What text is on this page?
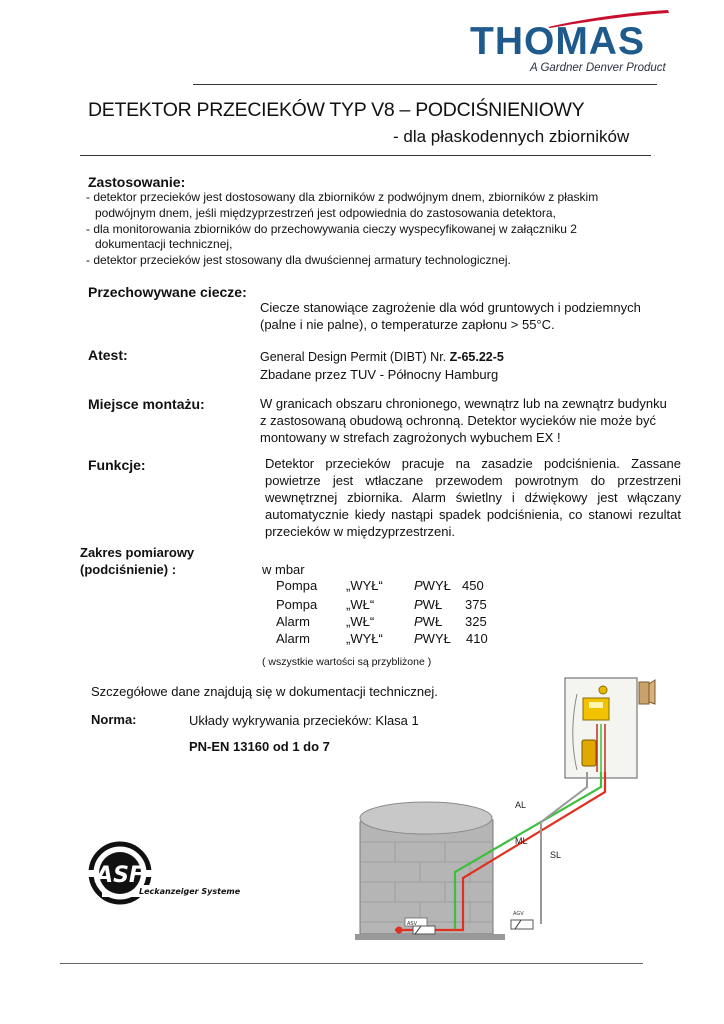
THOMAS
A Gardner Denver Product
DETEKTOR PRZECIEKÓW TYP V8 – PODCIŚNIENIOWY
- dla płaskodennych zbiorników
Zastosowanie:
- detektor przecieków jest dostosowany dla zbiorników z podwójnym dnem, zbiorników z płaskim
podwójnym dnem, jeśli międzyprzestrzeń jest odpowiednia do zastosowania detektora,
- dla monitorowania zbiorników do przechowywania cieczy wyspecyfikowanej w załączniku 2
dokumentacji technicznej,
- detektor przecieków jest stosowany dla dwuściennej armatury technologicznej.
Przechowywane ciecze:
Ciecze stanowiące zagrożenie dla wód gruntowych i podziemnych
(palne i nie palne), o temperaturze zapłonu > 55°C.
Atest:	General Design Permit (DIBT) Nr. Z-65.22-5
Zbadane przez TUV - Północny Hamburg
Miejsce montażu:	W granicach obszaru chronionego, wewnątrz lub na zewnątrz budynku
z zastosowaną obudową ochronną. Detektor wycieków nie może być
montowany w strefach zagrożonych wybuchem EX !
Funkcje:	Detektor przecieków pracuje na zasadzie podciśnienia. Zassane
powietrze jest wtłaczane przewodem powrotnym do przestrzeni
wewnętrznej zbiornika. Alarm świetlny i dźwiękowy jest włączany
automatycznie kiedy nastąpi spadek podciśnienia, co stanowi rezultat
przecieków w międzyprzestrzeni.
Zakres pomiarowy
(podciśnienie) :	w mbar
Pompa „WYŁ“ PWYŁ 450
Pompa „WŁ“	PWŁ 375
Alarm	„WŁ“	PWŁ 325
Alarm	„WYŁ“ PWYŁ 410
( wszystkie wartości są przybliżone )
Szczegółowe dane znajdują się w dokumentacji technicznej.
Norma:	Układy wykrywania przecieków: Klasa 1
PN-EN 13160 od 1 do 7
ASF
Leckanzeiger Systeme
ASV
AGV
AL
ML
SL
